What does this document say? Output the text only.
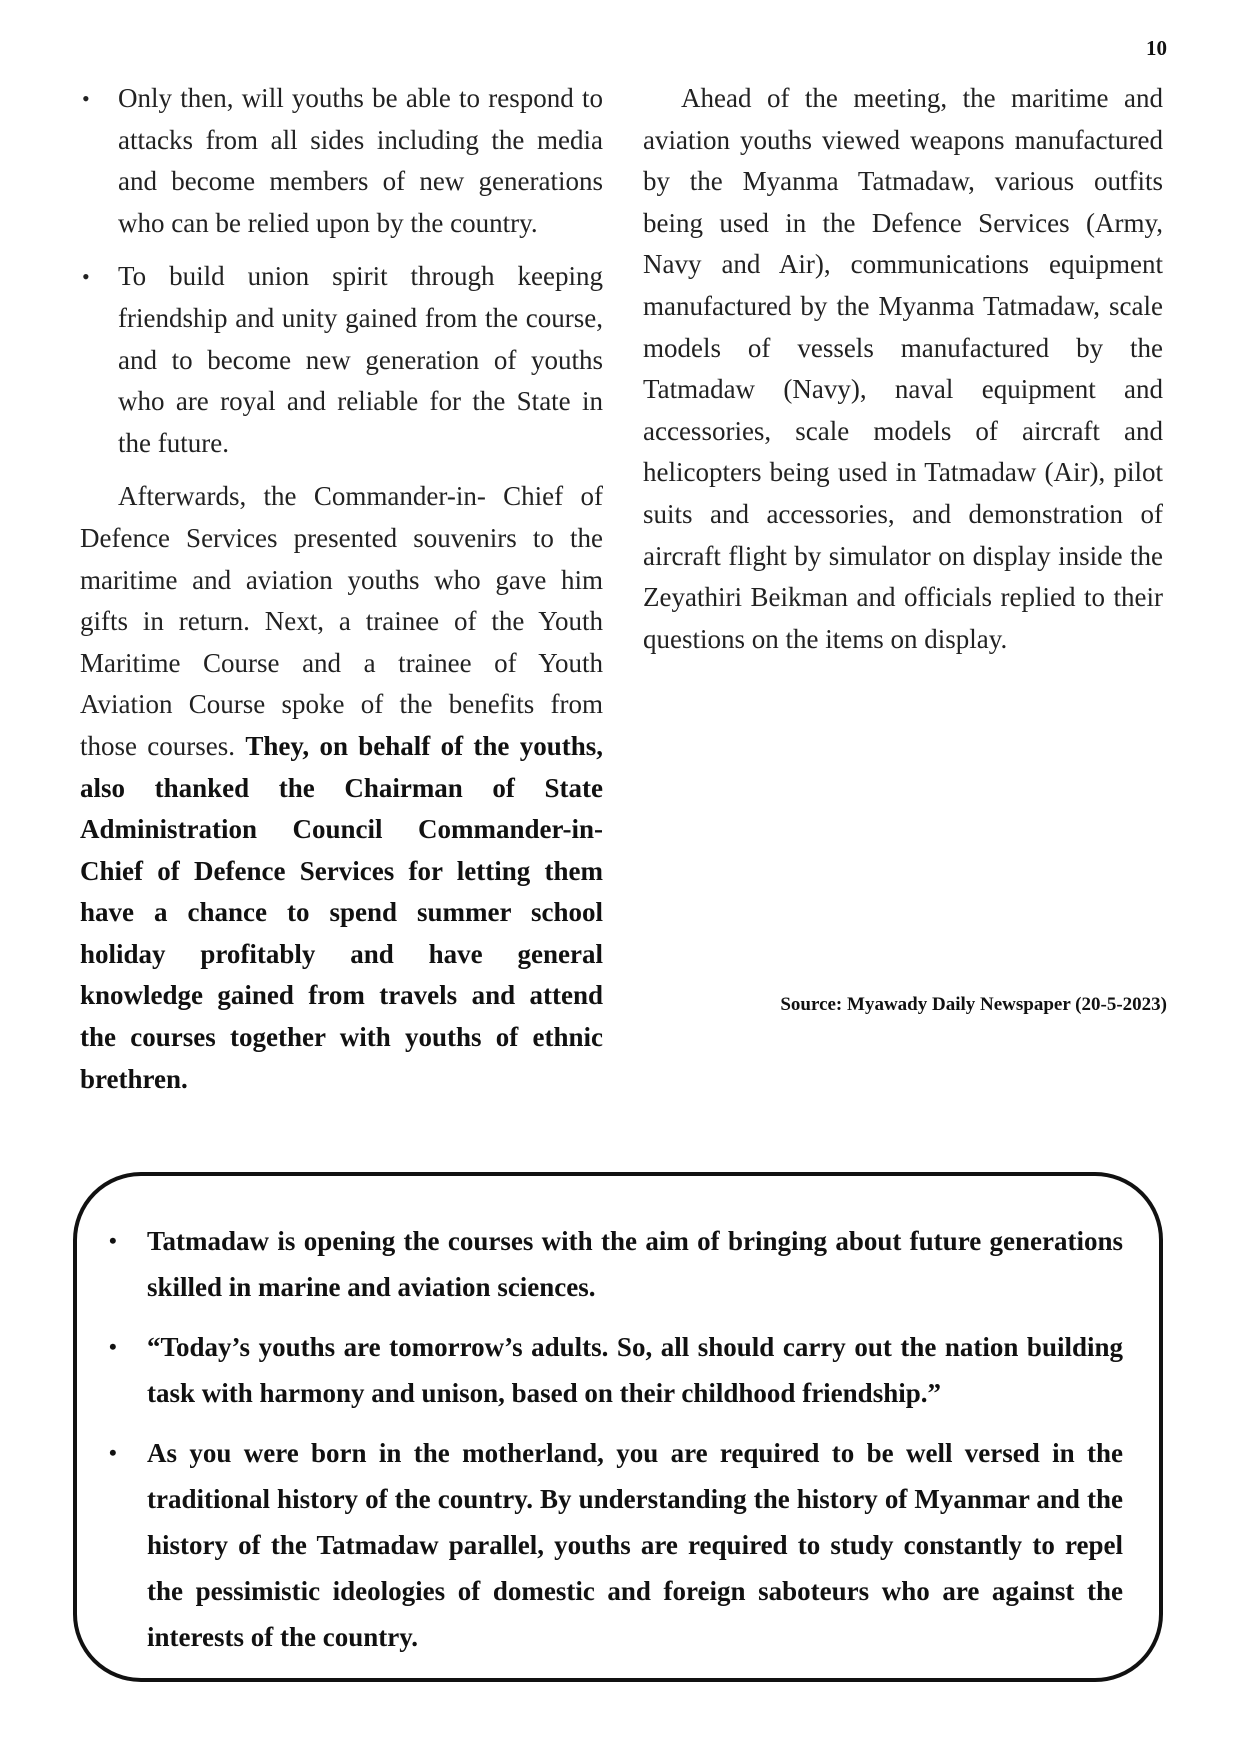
10
• Only then, will youths be able to respond to attacks from all sides including the media and become members of new generations who can be relied upon by the country.
• To build union spirit through keeping friendship and unity gained from the course, and to become new generation of youths who are royal and reliable for the State in the future.

Afterwards, the Commander-in- Chief of Defence Services presented souvenirs to the maritime and aviation youths who gave him gifts in return. Next, a trainee of the Youth Maritime Course and a trainee of Youth Aviation Course spoke of the benefits from those courses. They, on behalf of the youths, also thanked the Chairman of State Administration Council Commander-in-Chief of Defence Services for letting them have a chance to spend summer school holiday profitably and have general knowledge gained from travels and attend the courses together with youths of ethnic brethren.

Ahead of the meeting, the maritime and aviation youths viewed weapons manufactured by the Myanma Tatmadaw, various outfits being used in the Defence Services (Army, Navy and Air), communications equipment manufactured by the Myanma Tatmadaw, scale models of vessels manufactured by the Tatmadaw (Navy), naval equipment and accessories, scale models of aircraft and helicopters being used in Tatmadaw (Air), pilot suits and accessories, and demonstration of aircraft flight by simulator on display inside the Zeyathiri Beikman and officials replied to their questions on the items on display.

Source: Myawady Daily Newspaper (20-5-2023)
• Tatmadaw is opening the courses with the aim of bringing about future generations skilled in marine and aviation sciences.
• “Today’s youths are tomorrow’s adults. So, all should carry out the nation building task with harmony and unison, based on their childhood friendship.”
• As you were born in the motherland, you are required to be well versed in the traditional history of the country. By understanding the history of Myanmar and the history of the Tatmadaw parallel, youths are required to study constantly to repel the pessimistic ideologies of domestic and foreign saboteurs who are against the interests of the country.
